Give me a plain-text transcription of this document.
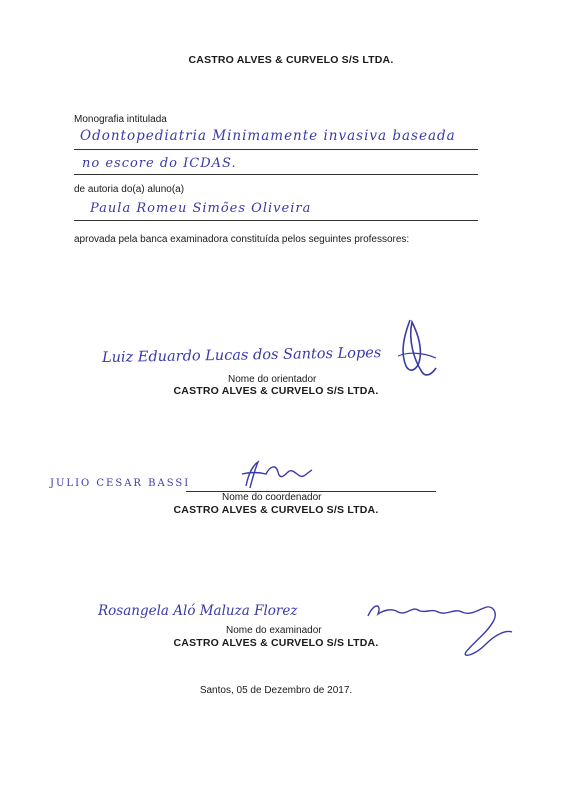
CASTRO ALVES & CURVELO S/S LTDA.
Monografia intitulada
Odontopediatria Minimamente invasiva baseada
no escore do ICDAS.
de autoria do(a) aluno(a)
Paula Romeu Simões Oliveira
aprovada pela banca examinadora constituída pelos seguintes professores:
Luiz Eduardo Lucas dos Santos Lopes
Nome do orientador
CASTRO ALVES & CURVELO S/S LTDA.
JULIO CESAR BASSI
Nome do coordenador
CASTRO ALVES & CURVELO S/S LTDA.
Rosangela Aló Maluza Florez
Nome do examinador
CASTRO ALVES & CURVELO S/S LTDA.
Santos, 05 de Dezembro de 2017.
